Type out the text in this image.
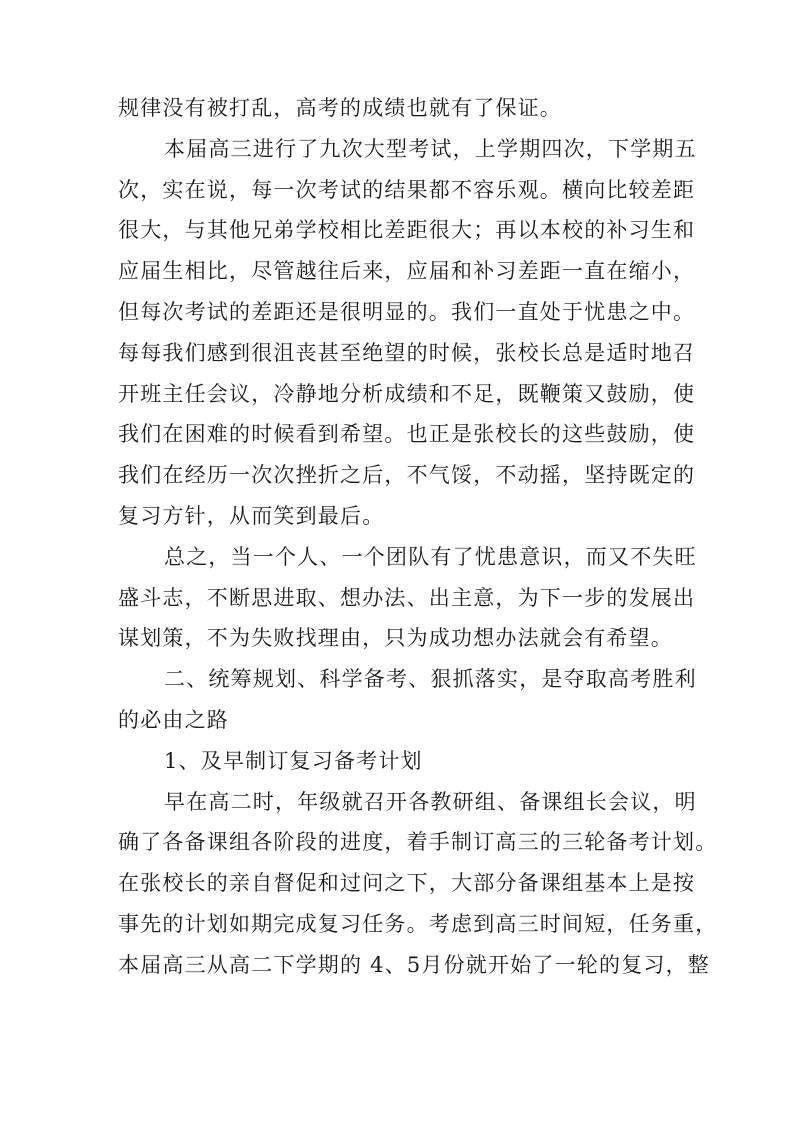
规律没有被打乱，高考的成绩也就有了保证。
本届高三进行了九次大型考试，上学期四次，下学期五
次，实在说，每一次考试的结果都不容乐观。横向比较差距
很大，与其他兄弟学校相比差距很大；再以本校的补习生和
应届生相比，尽管越往后来，应届和补习差距一直在缩小，
但每次考试的差距还是很明显的。我们一直处于忧患之中。
每每我们感到很沮丧甚至绝望的时候，张校长总是适时地召
开班主任会议，冷静地分析成绩和不足，既鞭策又鼓励，使
我们在困难的时候看到希望。也正是张校长的这些鼓励，使
我们在经历一次次挫折之后，不气馁，不动摇，坚持既定的
复习方针，从而笑到最后。
总之，当一个人、一个团队有了忧患意识，而又不失旺
盛斗志，不断思进取、想办法、出主意，为下一步的发展出
谋划策，不为失败找理由，只为成功想办法就会有希望。
二、统筹规划、科学备考、狠抓落实，是夺取高考胜利
的必由之路
1、及早制订复习备考计划
早在高二时，年级就召开各教研组、备课组长会议，明
确了各备课组各阶段的进度，着手制订高三的三轮备考计划。
在张校长的亲自督促和过问之下，大部分备课组基本上是按
事先的计划如期完成复习任务。考虑到高三时间短，任务重，
本届高三从高二下学期的 4、5月份就开始了一轮的复习，整
